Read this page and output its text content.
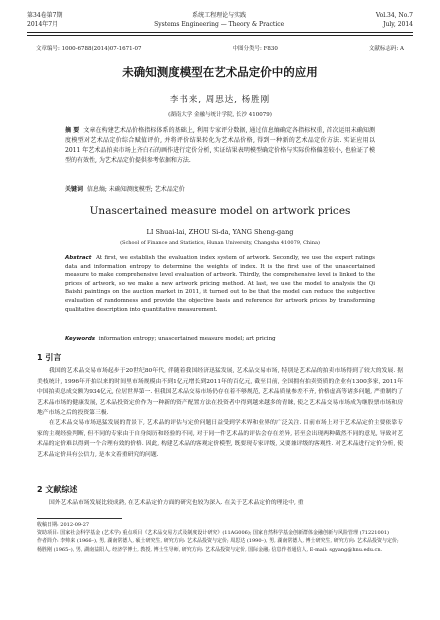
第34卷第7期
2014年7月
系统工程理论与实践
Systems Engineering — Theory & Practice
Vol.34, No.7
July, 2014
文章编号: 1000-6788(2014)07-1671-07	中图分类号: F830	文献标志码: A
未确知测度模型在艺术品定价中的应用
李书来, 周思达, 杨胜刚
(湖南大学 金融与统计学院, 长沙 410079)
摘 要 文章在构建艺术品价格指标体系的基础上, 利用专家评分数据, 通过信息熵确定各指标权重, 首次运用未确知测度模型对艺术品定价综合赋值评价, 并将评价结果转化为艺术品价格, 得到一种新的艺术品定价方法. 实证应用以 2011 年艺术品拍卖市场上齐白石的画作进行定价分析, 实证结果表明模型确定价格与实际价格偏差较小, 也验证了模型的有效性, 为艺术品定价提供参考依据和方法.
关键词 信息熵; 未确知测度模型; 艺术品定价
Unascertained measure model on artwork prices
LI Shuai-lai, ZHOU Si-da, YANG Sheng-gang
(School of Finance and Statistics, Hunan University, Changsha 410079, China)
Abstract At first, we establish the evaluation index system of artwork. Secondly, we use the expert ratings data and information entropy to determine the weights of index. It is the first use of the unascertained measure to make comprehensive level evaluation of artwork. Thirdly, the comprehensive level is linked to the prices of artwork, so we make a new artwork pricing method. At last, we use the model to analysis the Qi Baishi paintings on the auction market in 2011, it turned out to be that the model can reduce the subjective evaluation of randomness and provide the objective basis and reference for artwork prices by transforming qualitative description into quantitative measurement.
Keywords information entropy; unascertained measure model; art pricing
1 引言
我国的艺术品交易市场起步于20世纪80年代, 伴随着我国经济迅猛发展, 艺术品交易市场, 特别是艺术品的拍卖市场得到了较大的发展. 据美枝统计, 1996年开拍以来的时间里市场规模由不到1亿元增长到2011年的百亿元, 截至目前, 全国拥有拍卖资质的企业有1300多家, 2011年中国拍卖总成交额为934亿元, 位居世界第一. 但我国艺术品交易市场仍存在着不够规范, 艺术品质量参差不齐, 价格虚高等诸多问题, 严重制约了艺术品市场的健康发展, 艺术品投资定价作为一种新的资产配置方法在投资者中得到越来越多的青睐, 使之艺术品交易市场成为继股票市场和房地产市场之后的投资第三极.
在艺术品交易市场迅猛发展的背景下, 艺术品的评估与定价问题日益受到学术界和业界的广泛关注. 目前市场上对于艺术品定价主要依靠专家的主观经验判断, 但不同的专家由于自身阅历和经验的不同, 对于同一件艺术品的评估会存在差异, 甚至会出现两种截然不同的意见, 导致对艺术品的定价难以得到一个合理有效的价格. 因此, 构建艺术品的客观定价模型, 既要现专家评级, 又要兼评级的客观性. 对艺术品进行定价分析, 使艺术品定价具有公信力, 是本文着重研究的问题.
2 文献综述
国外艺术品市场发展比较成熟, 在艺术品定价方面的研究也较为深入. 在关于艺术品定价的理论中, 重
收稿日期: 2012-09-27
资助项目: 国家社会科学基金 (艺术学) 重点项目《艺术品交易方式及制度设计研究》(11AG006); 国家自然科学基金创新群体金融创新与风险管理 (71221001)
作者简介: 李帅来 (1966–), 男, 湖南常德人, 硕士研究生, 研究方向: 艺术品投资与定价; 周思达 (1990–), 男, 湖南常德人, 博士研究生, 研究方向: 艺术品投资与定价; 杨胜刚 (1965–), 男, 湖南益阳人, 经济学博士, 教授, 博士生导师, 研究方向: 艺术品投资与定价, 国际金融; 信息作者通信人, E-mail: sgyang@hnu.edu.cn.
